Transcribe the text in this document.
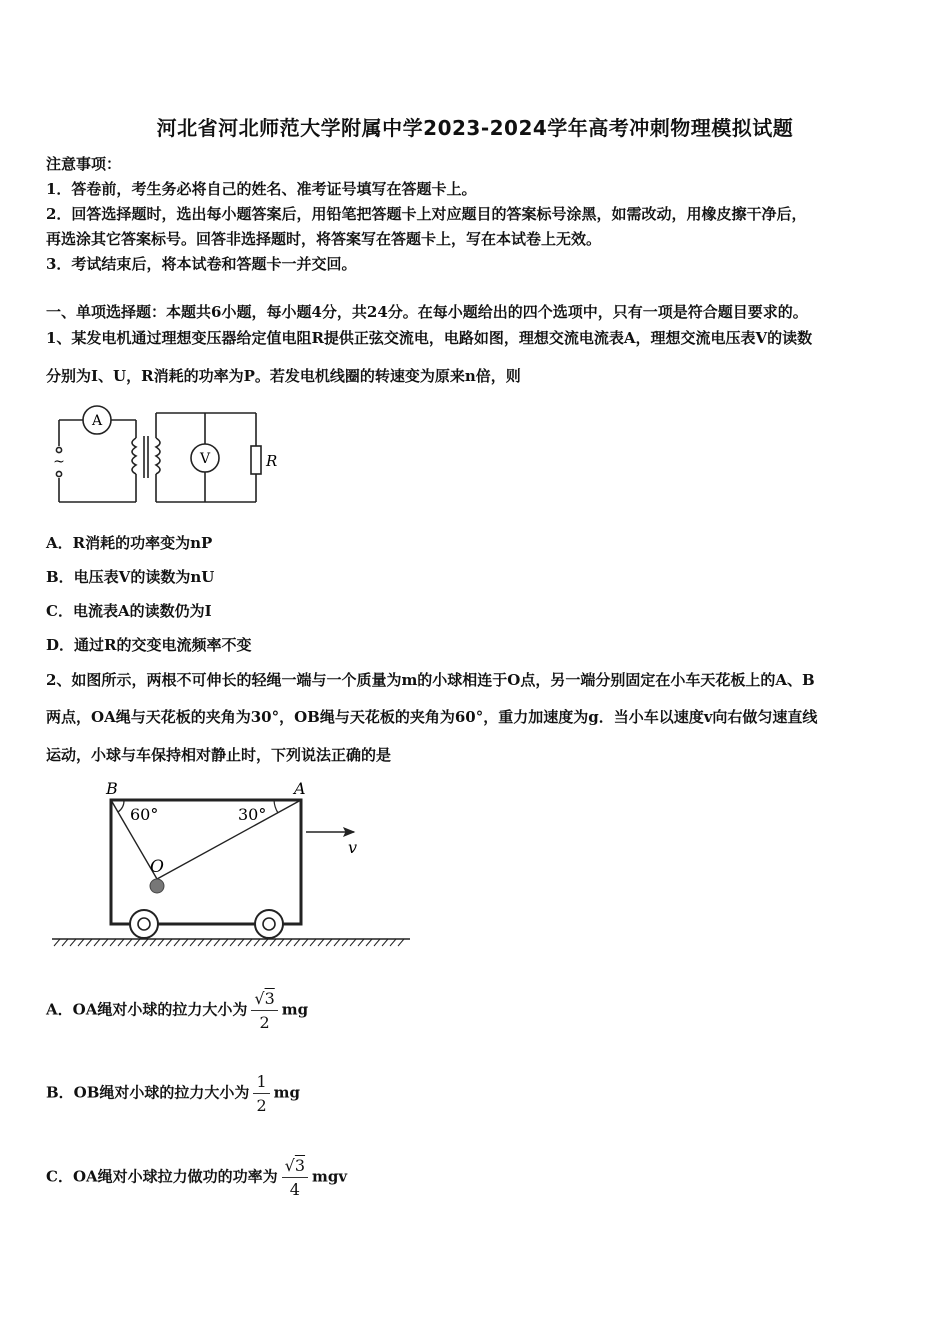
河北省河北师范大学附属中学2023-2024学年高考冲刺物理模拟试题
注意事项：
1．答卷前，考生务必将自己的姓名、准考证号填写在答题卡上。
2．回答选择题时，选出每小题答案后，用铅笔把答题卡上对应题目的答案标号涂黑，如需改动，用橡皮擦干净后，
再选涂其它答案标号。回答非选择题时，将答案写在答题卡上，写在本试卷上无效。
3．考试结束后，将本试卷和答题卡一并交回。
一、单项选择题：本题共6小题，每小题4分，共24分。在每小题给出的四个选项中，只有一项是符合题目要求的。
1、某发电机通过理想变压器给定值电阻R提供正弦交流电，电路如图，理想交流电流表A，理想交流电压表V的读数
分别为I、U，R消耗的功率为P。若发电机线圈的转速变为原来n倍，则
A
V	R
~
A．R消耗的功率变为nP
B．电压表V的读数为nU
C．电流表A的读数仍为I
D．通过R的交变电流频率不变
2、如图所示，两根不可伸长的轻绳一端与一个质量为m的小球相连于O点，另一端分别固定在小车天花板上的A、B
两点，OA绳与天花板的夹角为30°，OB绳与天花板的夹角为60°，重力加速度为g．当小车以速度v向右做匀速直线
运动，小球与车保持相对静止时，下列说法正确的是
B	A
60°	30°
O
v
A．OA绳对小球的拉力大小为 $\frac{√3}{2}$ mg
B．OB绳对小球的拉力大小为 $\frac{1}{2}$ mg
C．OA绳对小球拉力做功的功率为 $\frac{√3}{4}$ mgv
